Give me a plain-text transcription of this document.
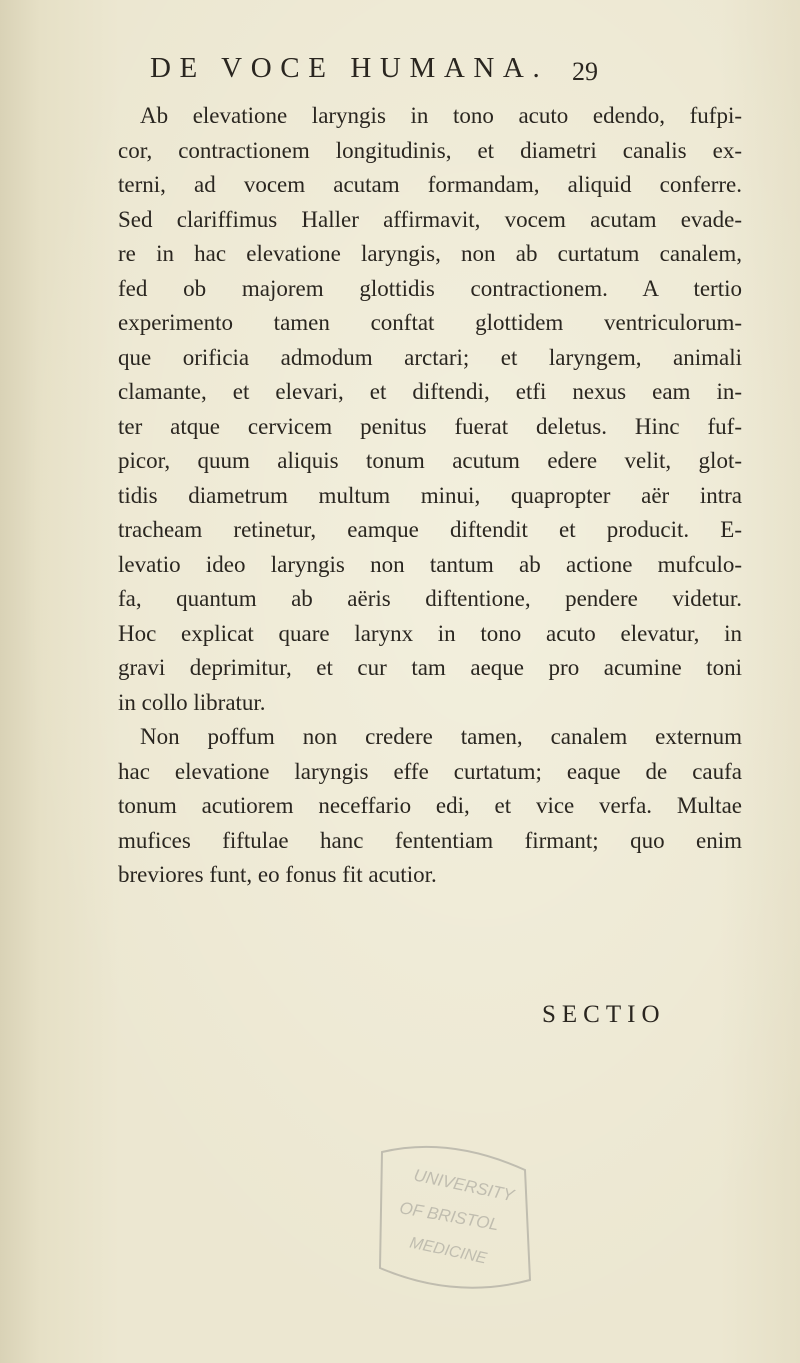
DE VOCE HUMANA. 29
Ab elevatione laryngis in tono acuto edendo, fufpi-
cor, contractionem longitudinis, et diametri canalis ex-
terni, ad vocem acutam formandam, aliquid conferre.
Sed clariffimus Haller affirmavit, vocem acutam evade-
re in hac elevatione laryngis, non ab curtatum canalem,
fed ob majorem glottidis contractionem. A tertio
experimento tamen conftat glottidem ventriculorum-
que orificia admodum arctari; et laryngem, animali
clamante, et elevari, et diftendi, etfi nexus eam in-
ter atque cervicem penitus fuerat deletus. Hinc fuf-
picor, quum aliquis tonum acutum edere velit, glot-
tidis diametrum multum minui, quapropter aër intra
tracheam retinetur, eamque diftendit et producit. E-
levatio ideo laryngis non tantum ab actione mufculo-
fa, quantum ab aëris diftentione, pendere videtur.
Hoc explicat quare larynx in tono acuto elevatur, in
gravi deprimitur, et cur tam aeque pro acumine toni
in collo libratur.
Non poffum non credere tamen, canalem externum
hac elevatione laryngis effe curtatum; eaque de caufa
tonum acutiorem neceffario edi, et vice verfa. Multae
mufices fiftulae hanc fententiam firmant; quo enim
breviores funt, eo fonus fit acutior.
SECTIO
UNIVERSITY
OF BRISTOL
MEDICINE
